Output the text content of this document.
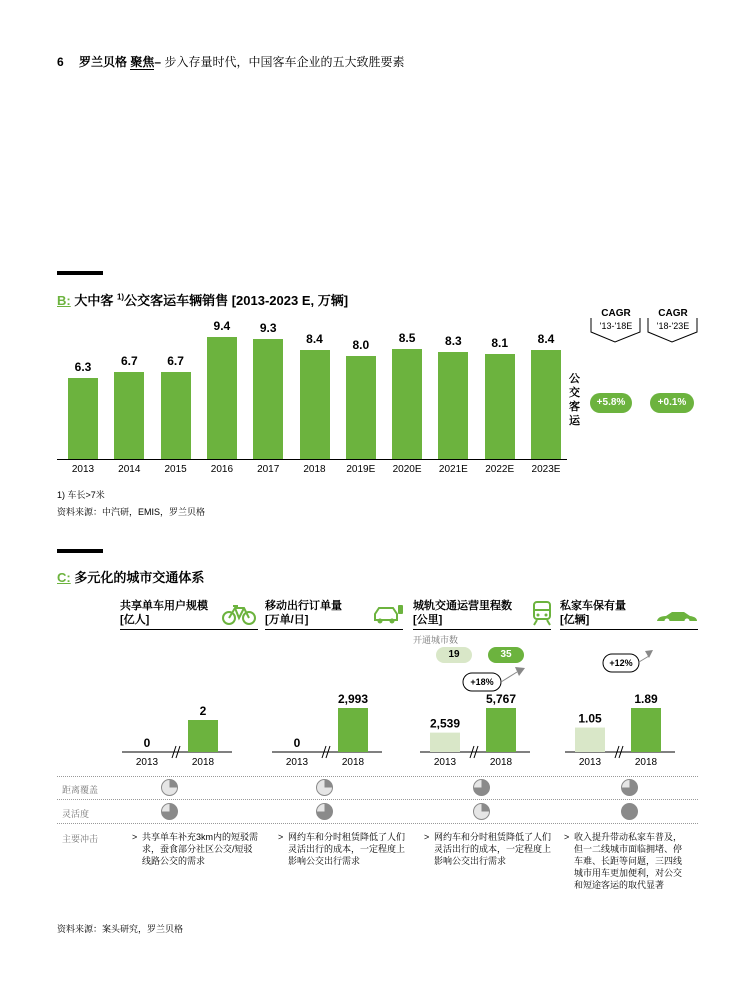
6 罗兰贝格 聚焦– 步入存量时代，中国客车企业的五大致胜要素
B: 大中客 $^{1)}$公交客运车辆销售 [2013-2023 E, 万辆]
6.3
2013
6.7
2014
6.7
2015
9.4
2016
9.3
2017
8.4
2018
8.0
2019E
8.5
2020E
8.3
2021E
8.1
2022E
8.4
2023E
公交客运
CAGR
'13-'18E
CAGR
'18-'23E
+5.8%	+0.1%
1) 车长>7米
资料来源：中汽研，EMIS，罗兰贝格
C: 多元化的城市交通体系
共享单车用户规模
[亿人]
移动出行订单量
[万单/日]
城轨交通运营里程数
[公里]
私家车保有量
[亿辆]
开通城市数
19	35
0
2013
2
2018
0
2013
2,993
2018
2,539
2013
5,767
2018
1.05
2013
1.89
2018
+18%
+12%
距离覆盖
灵活度
主要冲击	> 共享单车补充3km内的短驳需求，蚕食部分社区公交/短驳线路公交的需求
> 网约车和分时租赁降低了人们灵活出行的成本，一定程度上影响公交出行需求
> 网约车和分时租赁降低了人们灵活出行的成本，一定程度上影响公交出行需求
> 收入提升带动私家车普及，但一二线城市面临拥堵、停车难、长距等问题，三四线城市用车更加便利，对公交和短途客运的取代显著
资料来源：案头研究，罗兰贝格
